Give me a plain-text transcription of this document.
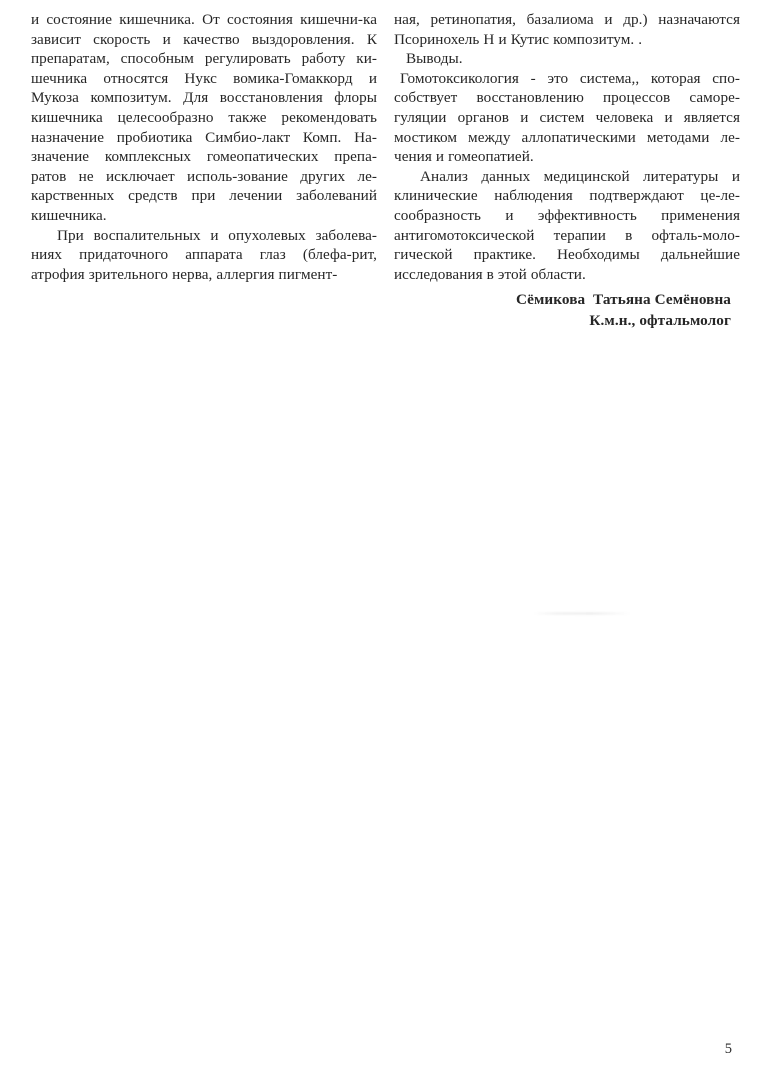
и состояние кишечника. От состояния кишечни-ка зависит скорость и качество выздоровления. К препаратам, способным регулировать работу ки-шечника относятся Нукс вомика-Гомаккорд и Мукоза композитум. Для восстановления флоры кишечника целесообразно также рекомендовать назначение пробиотика Симбио-лакт Комп. На-значение комплексных гомеопатических препа-ратов не исключает исполь-зование других ле-карственных средств при лечении заболеваний кишечника.

При воспалительных и опухолевых заболева-ниях придаточного аппарата глаз (блефа-рит, атрофия зрительного нерва, аллергия пигмент-

ная, ретинопатия, базалиома и др.) назначаются Псоринохель Н и Кутис композитум. .

Выводы.

Гомотоксикология - это система,, которая спо-собствует восстановлению процессов саморе-гуляции органов и систем человека и является мостиком между аллопатическими методами ле-чения и гомеопатией.

Анализ данных медицинской литературы и клинические наблюдения подтверждают це-ле-сообразность и эффективность применения антигомотоксической терапии в офталь-моло-гической практике. Необходимы дальнейшие исследования в этой области.

Сёмикова  Татьяна Семёновна
К.м.н., офтальмолог
5
